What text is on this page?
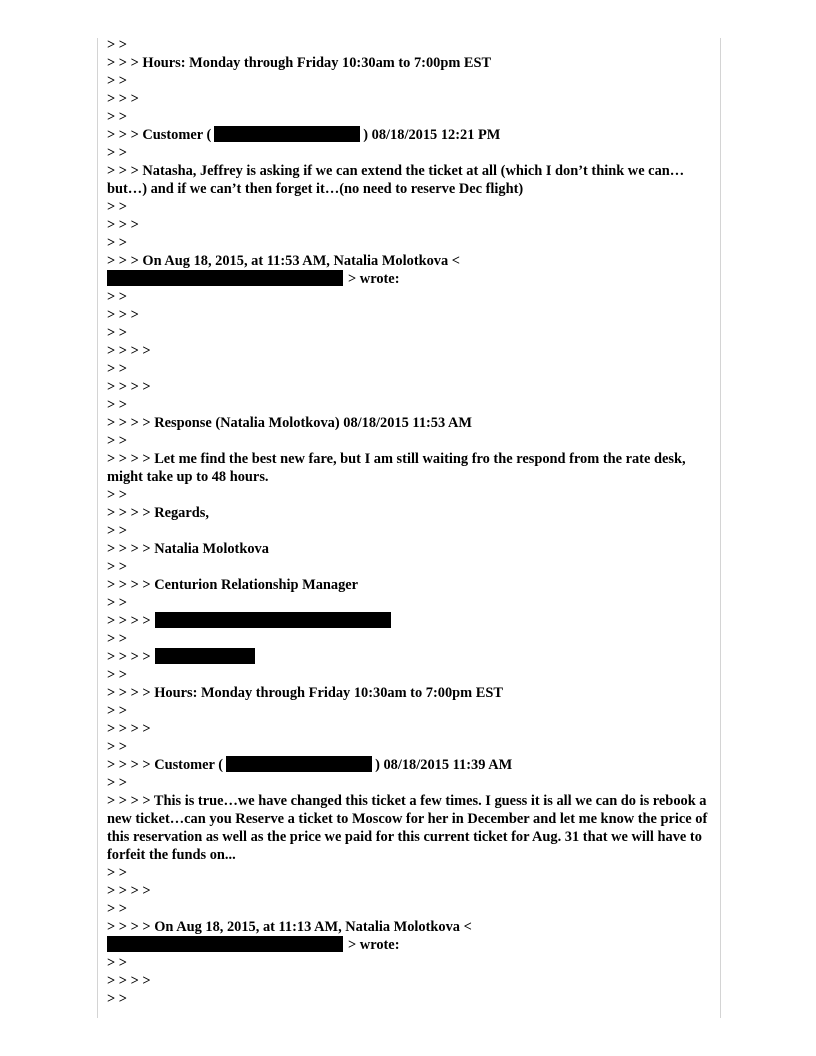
> >
> > > Hours: Monday through Friday 10:30am to 7:00pm EST
> >
> > >
> >
> > > Customer (	) 08/18/2015 12:21 PM
> >
> > > Natasha, Jeffrey is asking if we can extend the ticket at all (which I don’t think we can…but…) and if we can’t then forget it…(no need to reserve Dec flight)
> >
> > >
> >
> > > On Aug 18, 2015, at 11:53 AM, Natalia Molotkova <
> wrote:
> >
> > >
> >
> > > >
> >
> > > >
> >
> > > > Response (Natalia Molotkova) 08/18/2015 11:53 AM
> >
> > > > Let me find the best new fare, but I am still waiting fro the respond from the rate desk, might take up to 48 hours.
> >
> > > > Regards,
> >
> > > > Natalia Molotkova
> >
> > > > Centurion Relationship Manager
> >
> > > >
> >
> > > >
> >
> > > > Hours: Monday through Friday 10:30am to 7:00pm EST
> >
> > > >
> >
> > > > Customer (	) 08/18/2015 11:39 AM
> >
> > > > This is true…we have changed this ticket a few times. I guess it is all we can do is rebook a new ticket…can you Reserve a ticket to Moscow for her in December and let me know the price of this reservation as well as the price we paid for this current ticket for Aug. 31 that we will have to forfeit the funds on...
> >
> > > >
> >
> > > > On Aug 18, 2015, at 11:13 AM, Natalia Molotkova <
> wrote:
> >
> > > >
> >
